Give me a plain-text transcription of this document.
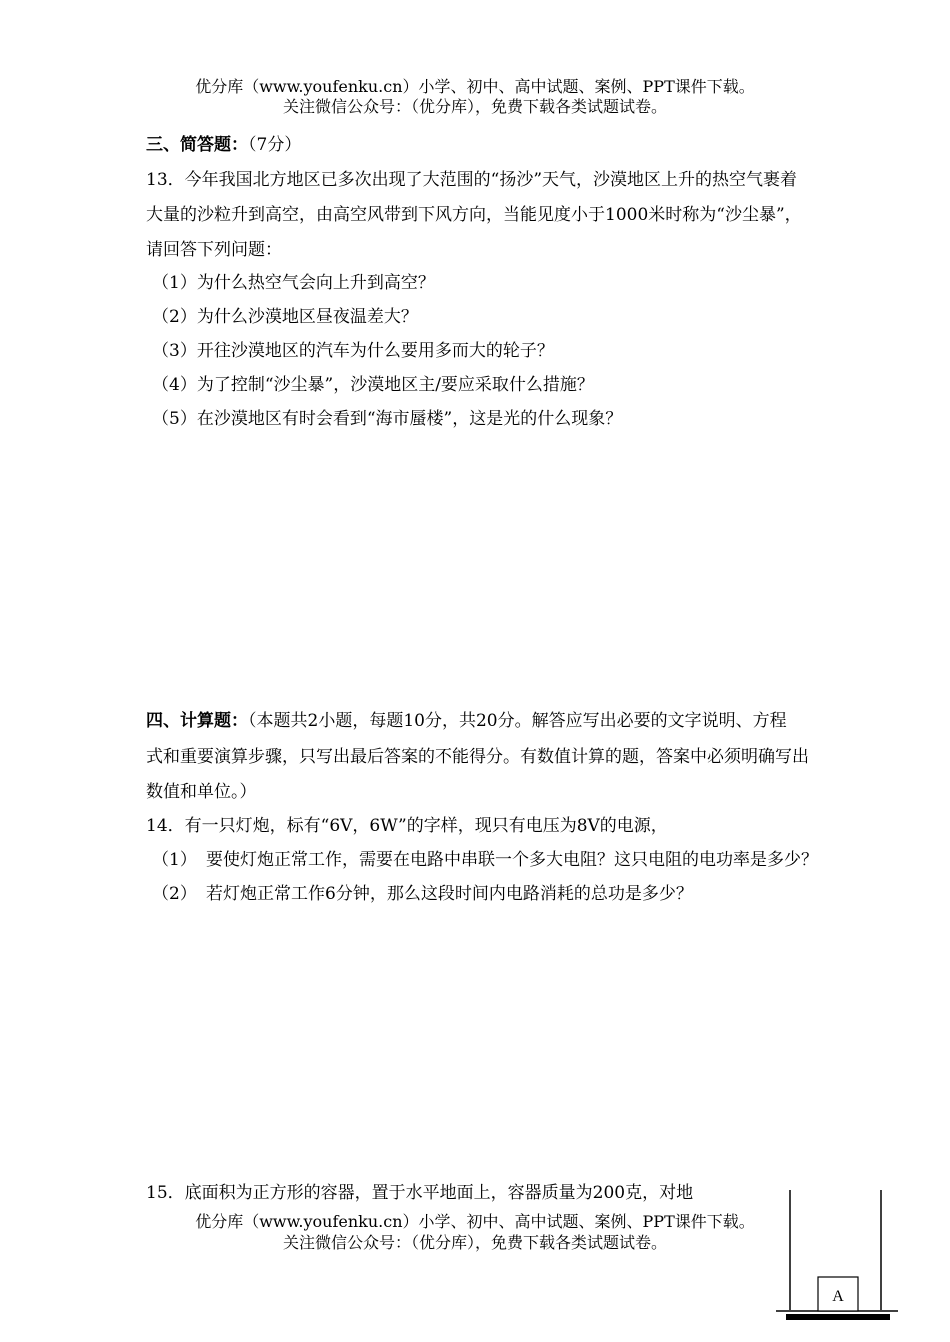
优分库（www.youfenku.cn）小学、初中、高中试题、案例、PPT课件下载。
关注微信公众号：（优分库），免费下载各类试题试卷。
三、简答题：（7分）
13．今年我国北方地区已多次出现了大范围的“扬沙”天气，沙漠地区上升的热空气裹着
大量的沙粒升到高空，由高空风带到下风方向，当能见度小于1000米时称为“沙尘暴”，
请回答下列问题：
（1）为什么热空气会向上升到高空？
（2）为什么沙漠地区昼夜温差大？
（3）开往沙漠地区的汽车为什么要用多而大的轮子？
（4）为了控制“沙尘暴”，沙漠地区主/要应采取什么措施？
（5）在沙漠地区有时会看到“海市蜃楼”，这是光的什么现象？
四、计算题：（本题共2小题，每题10分，共20分。解答应写出必要的文字说明、方程
式和重要演算步骤，只写出最后答案的不能得分。有数值计算的题，答案中必须明确写出
数值和单位。）
14．有一只灯炮，标有“6V，6W”的字样，现只有电压为8V的电源，
（1） 要使灯炮正常工作，需要在电路中串联一个多大电阻？这只电阻的电功率是多少？
（2） 若灯炮正常工作6分钟，那么这段时间内电路消耗的总功是多少？
15．底面积为正方形的容器，置于水平地面上，容器质量为200克，对地
A
优分库（www.youfenku.cn）小学、初中、高中试题、案例、PPT课件下载。
关注微信公众号：（优分库），免费下载各类试题试卷。
